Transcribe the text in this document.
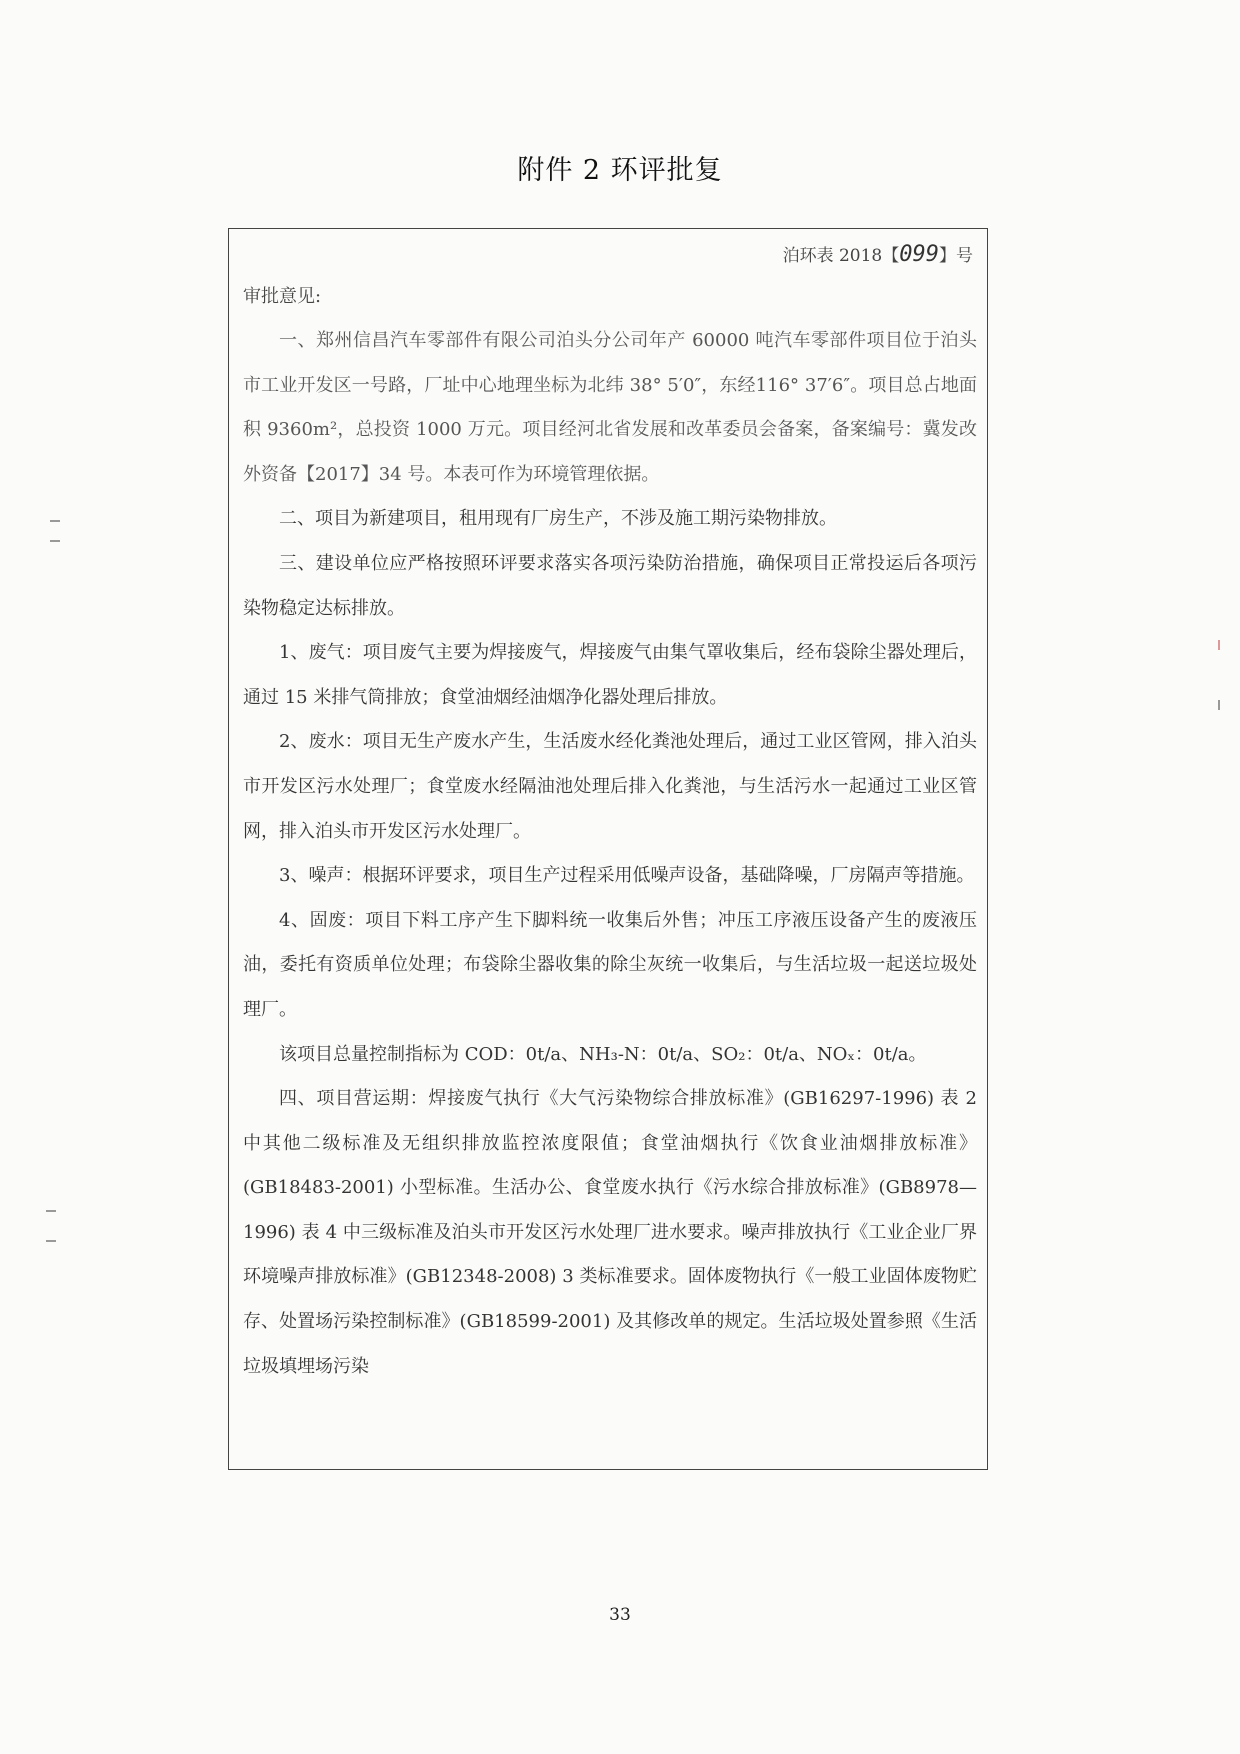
附件 2 环评批复
泊环表 2018【099】号
审批意见:

一、郑州信昌汽车零部件有限公司泊头分公司年产 60000 吨汽车零部件项目位于泊头市工业开发区一号路，厂址中心地理坐标为北纬 38° 5′0″，东经116° 37′6″。项目总占地面积 9360m²，总投资 1000 万元。项目经河北省发展和改革委员会备案，备案编号：冀发改外资备【2017】34 号。本表可作为环境管理依据。

二、项目为新建项目，租用现有厂房生产，不涉及施工期污染物排放。

三、建设单位应严格按照环评要求落实各项污染防治措施，确保项目正常投运后各项污染物稳定达标排放。

1、废气：项目废气主要为焊接废气，焊接废气由集气罩收集后，经布袋除尘器处理后，通过 15 米排气筒排放；食堂油烟经油烟净化器处理后排放。

2、废水：项目无生产废水产生，生活废水经化粪池处理后，通过工业区管网，排入泊头市开发区污水处理厂；食堂废水经隔油池处理后排入化粪池，与生活污水一起通过工业区管网，排入泊头市开发区污水处理厂。

3、噪声：根据环评要求，项目生产过程采用低噪声设备，基础降噪，厂房隔声等措施。

4、固废：项目下料工序产生下脚料统一收集后外售；冲压工序液压设备产生的废液压油，委托有资质单位处理；布袋除尘器收集的除尘灰统一收集后，与生活垃圾一起送垃圾处理厂。

该项目总量控制指标为 COD：0t/a、NH₃-N：0t/a、SO₂：0t/a、NOₓ：0t/a。

四、项目营运期：焊接废气执行《大气污染物综合排放标准》(GB16297-1996) 表 2 中其他二级标准及无组织排放监控浓度限值；食堂油烟执行《饮食业油烟排放标准》(GB18483-2001) 小型标准。生活办公、食堂废水执行《污水综合排放标准》(GB8978—1996) 表 4 中三级标准及泊头市开发区污水处理厂进水要求。噪声排放执行《工业企业厂界环境噪声排放标准》(GB12348-2008) 3 类标准要求。固体废物执行《一般工业固体废物贮存、处置场污染控制标准》(GB18599-2001) 及其修改单的规定。生活垃圾处置参照《生活垃圾填埋场污染

33
